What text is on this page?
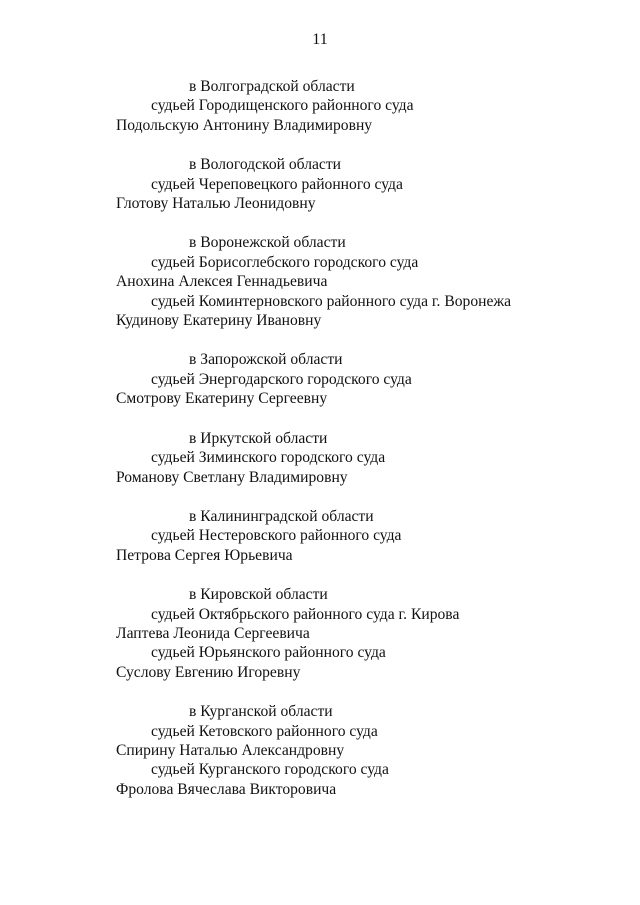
11
в Волгоградской области
судьей Городищенского районного суда
Подольскую Антонину Владимировну
в Вологодской области
судьей Череповецкого районного суда
Глотову Наталью Леонидовну
в Воронежской области
судьей Борисоглебского городского суда
Анохина Алексея Геннадьевича
судьей Коминтерновского районного суда г. Воронежа
Кудинову Екатерину Ивановну
в Запорожской области
судьей Энергодарского городского суда
Смотрову Екатерину Сергеевну
в Иркутской области
судьей Зиминского городского суда
Романову Светлану Владимировну
в Калининградской области
судьей Нестеровского районного суда
Петрова Сергея Юрьевича
в Кировской области
судьей Октябрьского районного суда г. Кирова
Лаптева Леонида Сергеевича
судьей Юрьянского районного суда
Суслову Евгению Игоревну
в Курганской области
судьей Кетовского районного суда
Спирину Наталью Александровну
судьей Курганского городского суда
Фролова Вячеслава Викторовича
